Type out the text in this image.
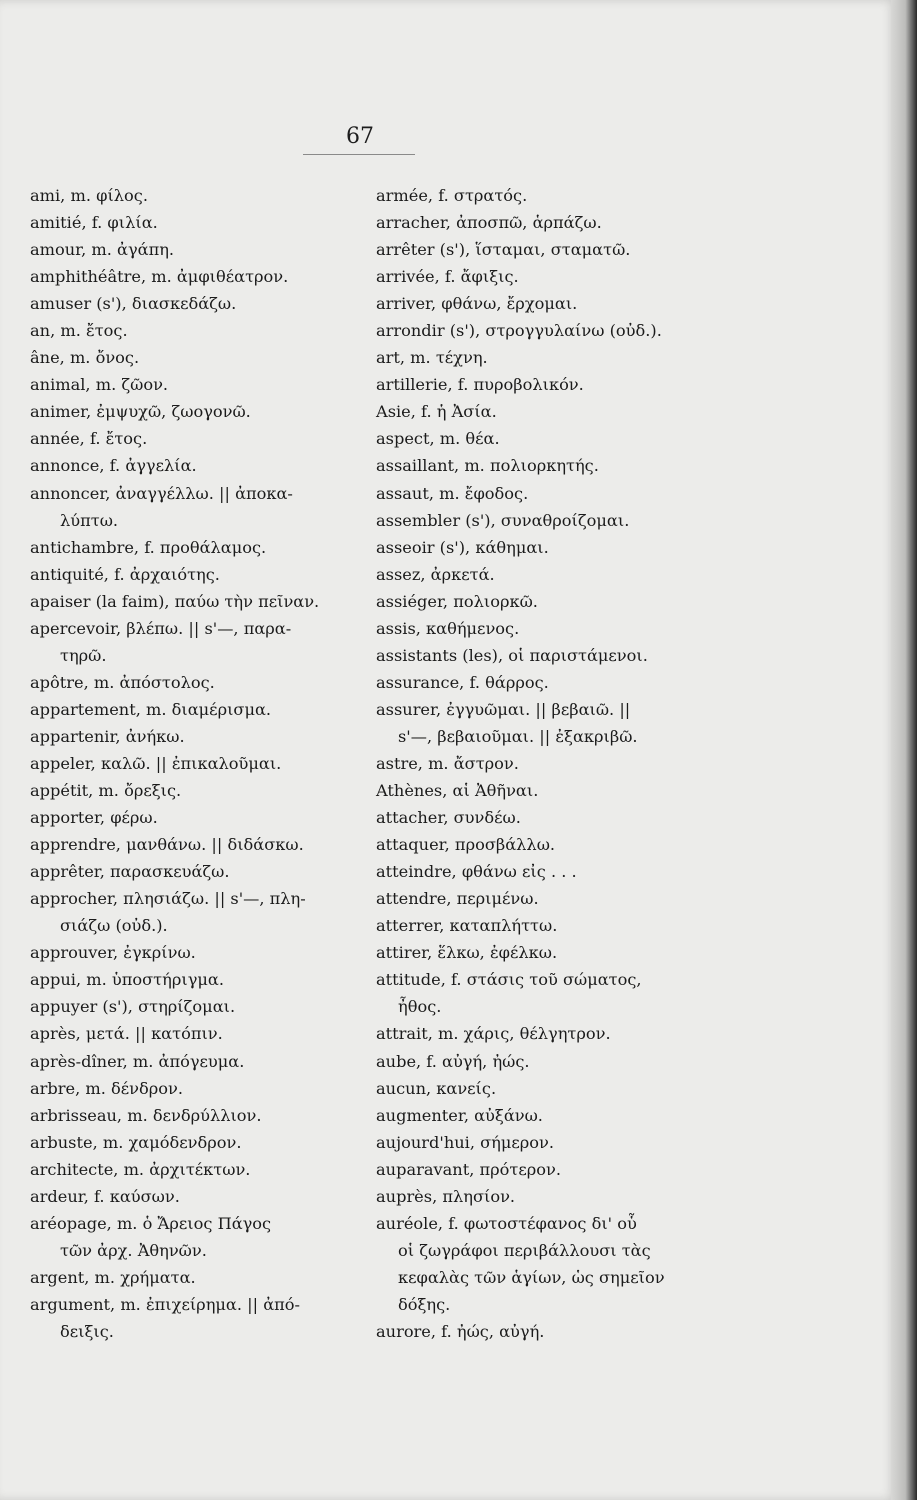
67
ami, m. φίλος.
amitié, f. φιλία.
amour, m. ἀγάπη.
amphithéâtre, m. ἀμφιθέατρον.
amuser (s'), διασκεδάζω.
an, m. ἔτος.
âne, m. ὄνος.
animal, m. ζῶον.
animer, ἐμψυχῶ, ζωογονῶ.
année, f. ἔτος.
annonce, f. ἀγγελία.
annoncer, ἀναγγέλλω. || ἀποκα-
λύπτω.
antichambre, f. προθάλαμος.
antiquité, f. ἀρχαιότης.
apaiser (la faim), παύω τὴν πεῖναν.
apercevoir, βλέπω. || s'—, παρα-
τηρῶ.
apôtre, m. ἀπόστολος.
appartement, m. διαμέρισμα.
appartenir, ἀνήκω.
appeler, καλῶ. || ἐπικαλοῦμαι.
appétit, m. ὄρεξις.
apporter, φέρω.
apprendre, μανθάνω. || διδάσκω.
apprêter, παρασκευάζω.
approcher, πλησιάζω. || s'—, πλη-
σιάζω (οὐδ.).
approuver, ἐγκρίνω.
appui, m. ὑποστήριγμα.
appuyer (s'), στηρίζομαι.
après, μετά. || κατόπιν.
après-dîner, m. ἀπόγευμα.
arbre, m. δένδρον.
arbrisseau, m. δενδρύλλιον.
arbuste, m. χαμόδενδρον.
architecte, m. ἀρχιτέκτων.
ardeur, f. καύσων.
aréopage, m. ὁ Ἄρειος Πάγος
τῶν ἀρχ. Ἀθηνῶν.
argent, m. χρήματα.
argument, m. ἐπιχείρημα. || ἀπό-
δειξις.
armée, f. στρατός.
arracher, ἀποσπῶ, ἁρπάζω.
arrêter (s'), ἵσταμαι, σταματῶ.
arrivée, f. ἄφιξις.
arriver, φθάνω, ἔρχομαι.
arrondir (s'), στρογγυλαίνω (οὐδ.).
art, m. τέχνη.
artillerie, f. πυροβολικόν.
Asie, f. ἡ Ἀσία.
aspect, m. θέα.
assaillant, m. πολιορκητής.
assaut, m. ἔφοδος.
assembler (s'), συναθροίζομαι.
asseoir (s'), κάθημαι.
assez, ἀρκετά.
assiéger, πολιορκῶ.
assis, καθήμενος.
assistants (les), οἱ παριστάμενοι.
assurance, f. θάρρος.
assurer, ἐγγυῶμαι. || βεβαιῶ. ||
s'—, βεβαιοῦμαι. || ἐξακριβῶ.
astre, m. ἄστρον.
Athènes, αἱ Ἀθῆναι.
attacher, συνδέω.
attaquer, προσβάλλω.
atteindre, φθάνω εἰς . . .
attendre, περιμένω.
atterrer, καταπλήττω.
attirer, ἕλκω, ἐφέλκω.
attitude, f. στάσις τοῦ σώματος,
ἦθος.
attrait, m. χάρις, θέλγητρον.
aube, f. αὐγή, ἠώς.
aucun, κανείς.
augmenter, αὐξάνω.
aujourd'hui, σήμερον.
auparavant, πρότερον.
auprès, πλησίον.
auréole, f. φωτοστέφανος δι' οὗ
οἱ ζωγράφοι περιβάλλουσι τὰς
κεφαλὰς τῶν ἁγίων, ὡς σημεῖον
δόξης.
aurore, f. ἠώς, αὐγή.
